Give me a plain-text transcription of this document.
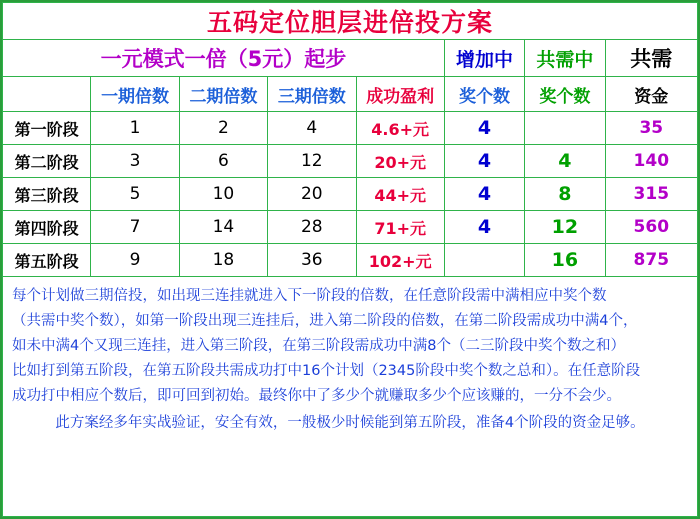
五码定位胆层进倍投方案							
一元模式一倍（5元）起步					增加中	共需中	共需
	一期倍数	二期倍数	三期倍数	成功盈利	奖个数	奖个数	资金
第一阶段	1	2	4	4.6+元	4		35
第二阶段	3	6	12	20+元	4	4	140
第三阶段	5	10	20	44+元	4	8	315
第四阶段	7	14	28	71+元	4	12	560
第五阶段	9	18	36	102+元		16	875

每个计划做三期倍投，如出现三连挂就进入下一阶段的倍数，在任意阶段需中满相应中奖个数

（共需中奖个数），如第一阶段出现三连挂后，进入第二阶段的倍数，在第二阶段需成功中满4个，

如未中满4个又现三连挂，进入第三阶段，在第三阶段需成功中满8个（二三阶段中奖个数之和）

比如打到第五阶段，在第五阶段共需成功打中16个计划（2345阶段中奖个数之总和）。在任意阶段

成功打中相应个数后，即可回到初始。最终你中了多少个就赚取多少个应该赚的，一分不会少。

此方案经多年实战验证，安全有效，一般极少时候能到第五阶段，准备4个阶段的资金足够。
